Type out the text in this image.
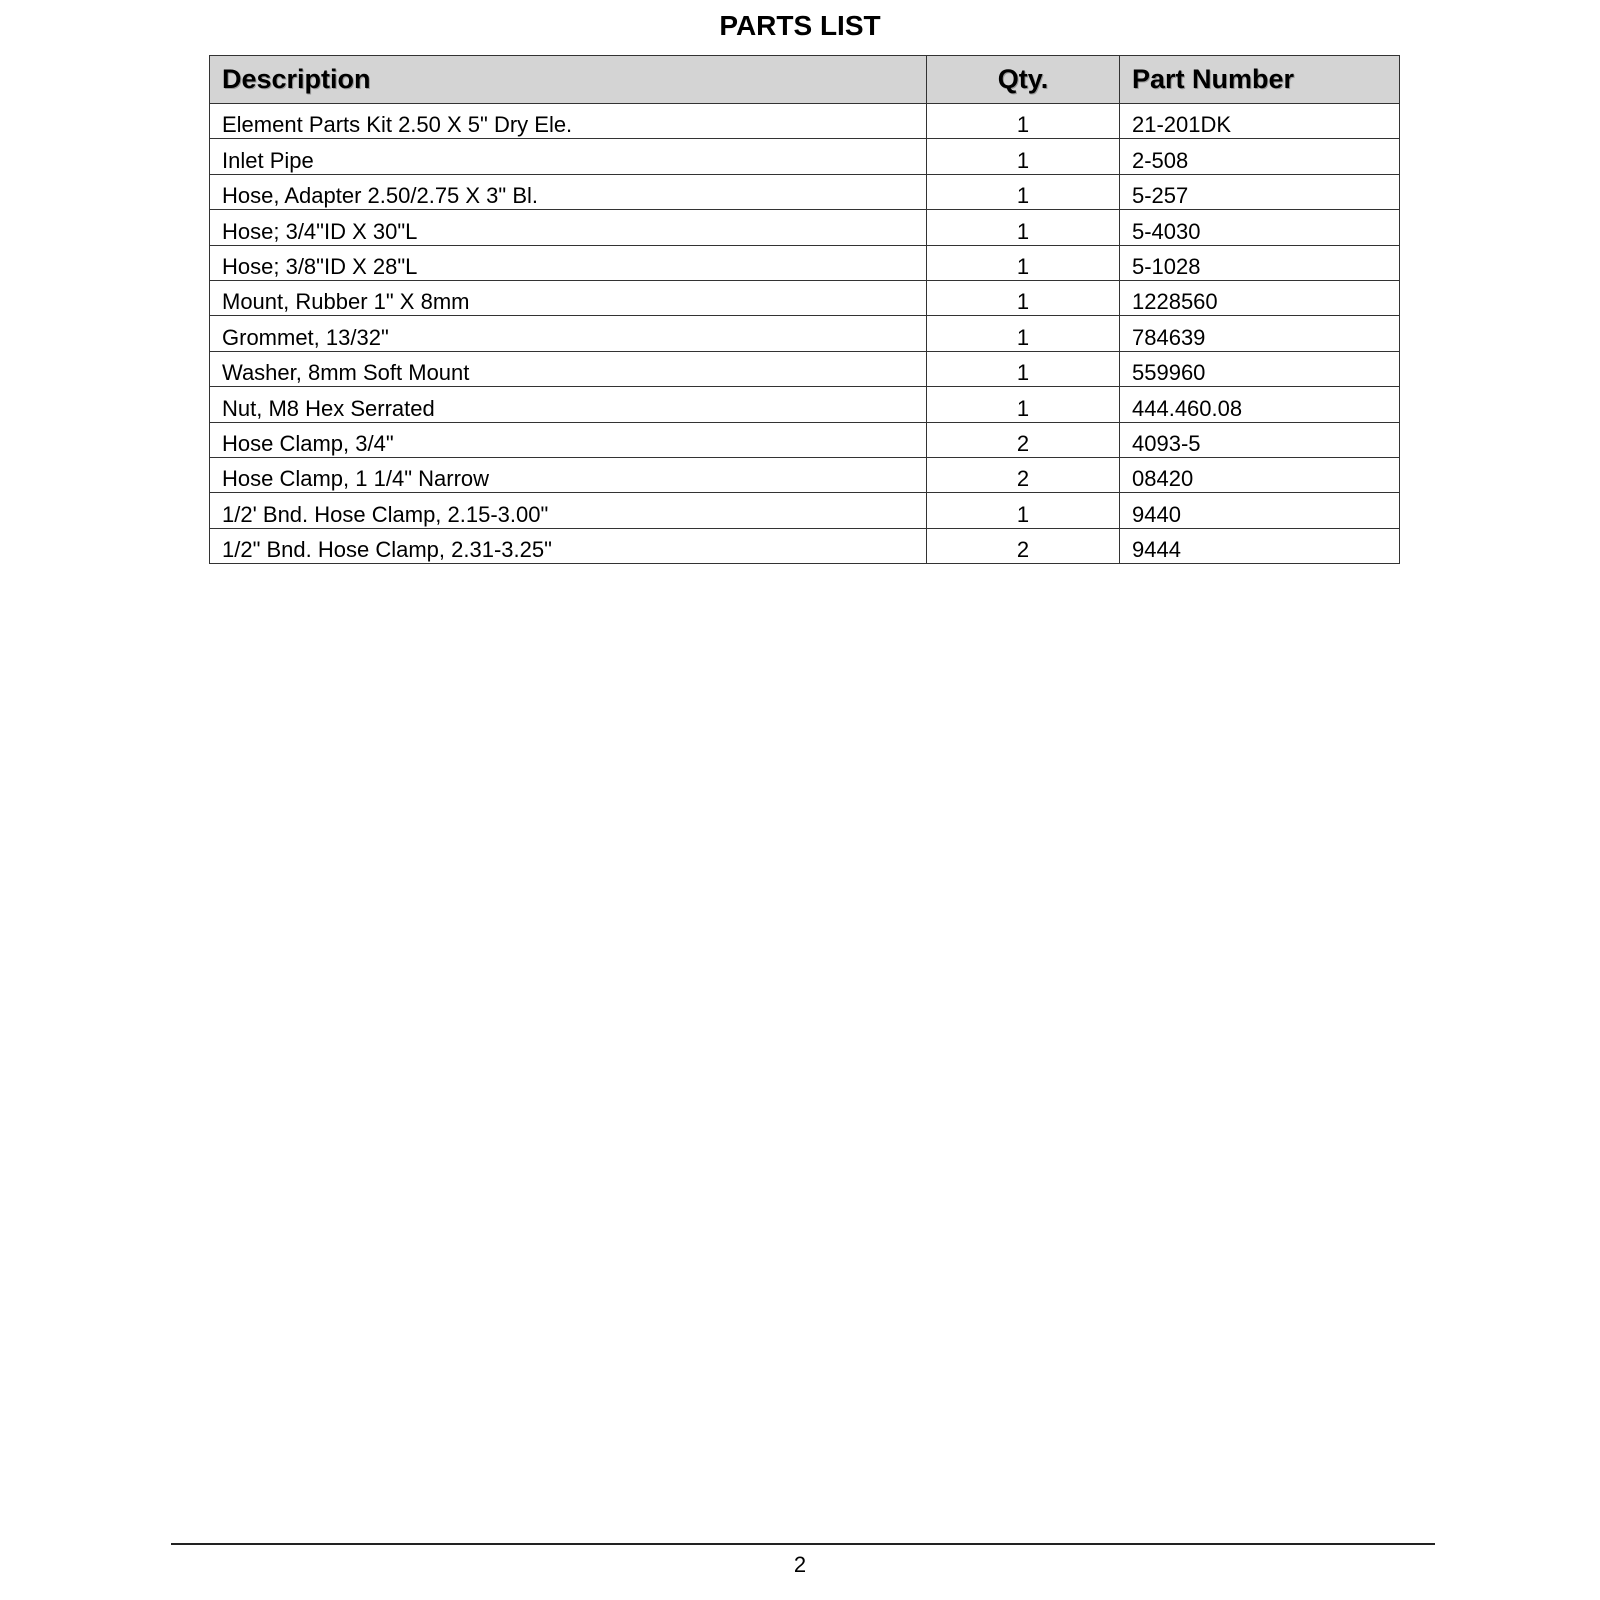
PARTS LIST
Description	Qty.	Part Number
Element Parts Kit 2.50 X 5" Dry Ele.	1	21-201DK
Inlet Pipe	1	2-508
Hose, Adapter 2.50/2.75 X 3" Bl.	1	5-257
Hose; 3/4"ID X 30"L	1	5-4030
Hose; 3/8"ID X 28"L	1	5-1028
Mount, Rubber 1" X 8mm	1	1228560
Grommet, 13/32"	1	784639
Washer, 8mm Soft Mount	1	559960
Nut, M8 Hex Serrated	1	444.460.08
Hose Clamp, 3/4"	2	4093-5
Hose Clamp, 1 1/4" Narrow	2	08420
1/2' Bnd. Hose Clamp, 2.15-3.00"	1	9440
1/2" Bnd. Hose Clamp, 2.31-3.25"	2	9444
2
